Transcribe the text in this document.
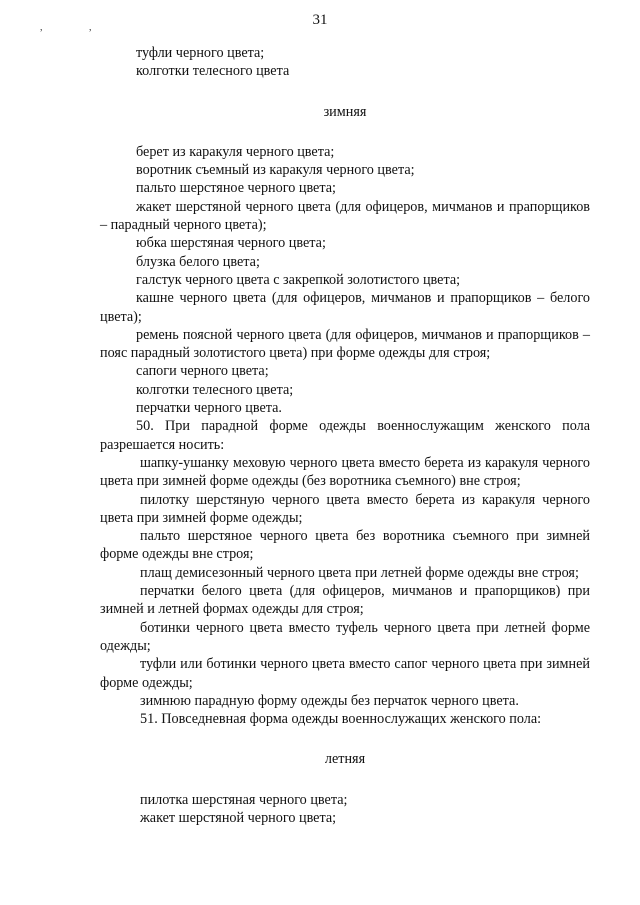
31
, ,

туфли черного цвета;

колготки телесного цвета

зимняя

берет из каракуля черного цвета;

воротник съемный из каракуля черного цвета;

пальто шерстяное черного цвета;

жакет шерстяной черного цвета (для офицеров, мичманов и прапорщиков – парадный черного цвета);

юбка шерстяная черного цвета;

блузка белого цвета;

галстук черного цвета с закрепкой золотистого цвета;

кашне черного цвета (для офицеров, мичманов и прапорщиков – белого цвета);

ремень поясной черного цвета (для офицеров, мичманов и прапорщиков – пояс парадный золотистого цвета) при форме одежды для строя;

сапоги черного цвета;

колготки телесного цвета;

перчатки черного цвета.

50. При парадной форме одежды военнослужащим женского пола разрешается носить:

шапку-ушанку меховую черного цвета вместо берета из каракуля черного цвета при зимней форме одежды (без воротника съемного) вне строя;

пилотку шерстяную черного цвета вместо берета из каракуля черного цвета при зимней форме одежды;

пальто шерстяное черного цвета без воротника съемного при зимней форме одежды вне строя;

плащ демисезонный черного цвета при летней форме одежды вне строя;

перчатки белого цвета (для офицеров, мичманов и прапорщиков) при зимней и летней формах одежды для строя;

ботинки черного цвета вместо туфель черного цвета при летней форме одежды;

туфли или ботинки черного цвета вместо сапог черного цвета при зимней форме одежды;

зимнюю парадную форму одежды без перчаток черного цвета.

51. Повседневная форма одежды военнослужащих женского пола:

летняя

пилотка шерстяная черного цвета;

жакет шерстяной черного цвета;
